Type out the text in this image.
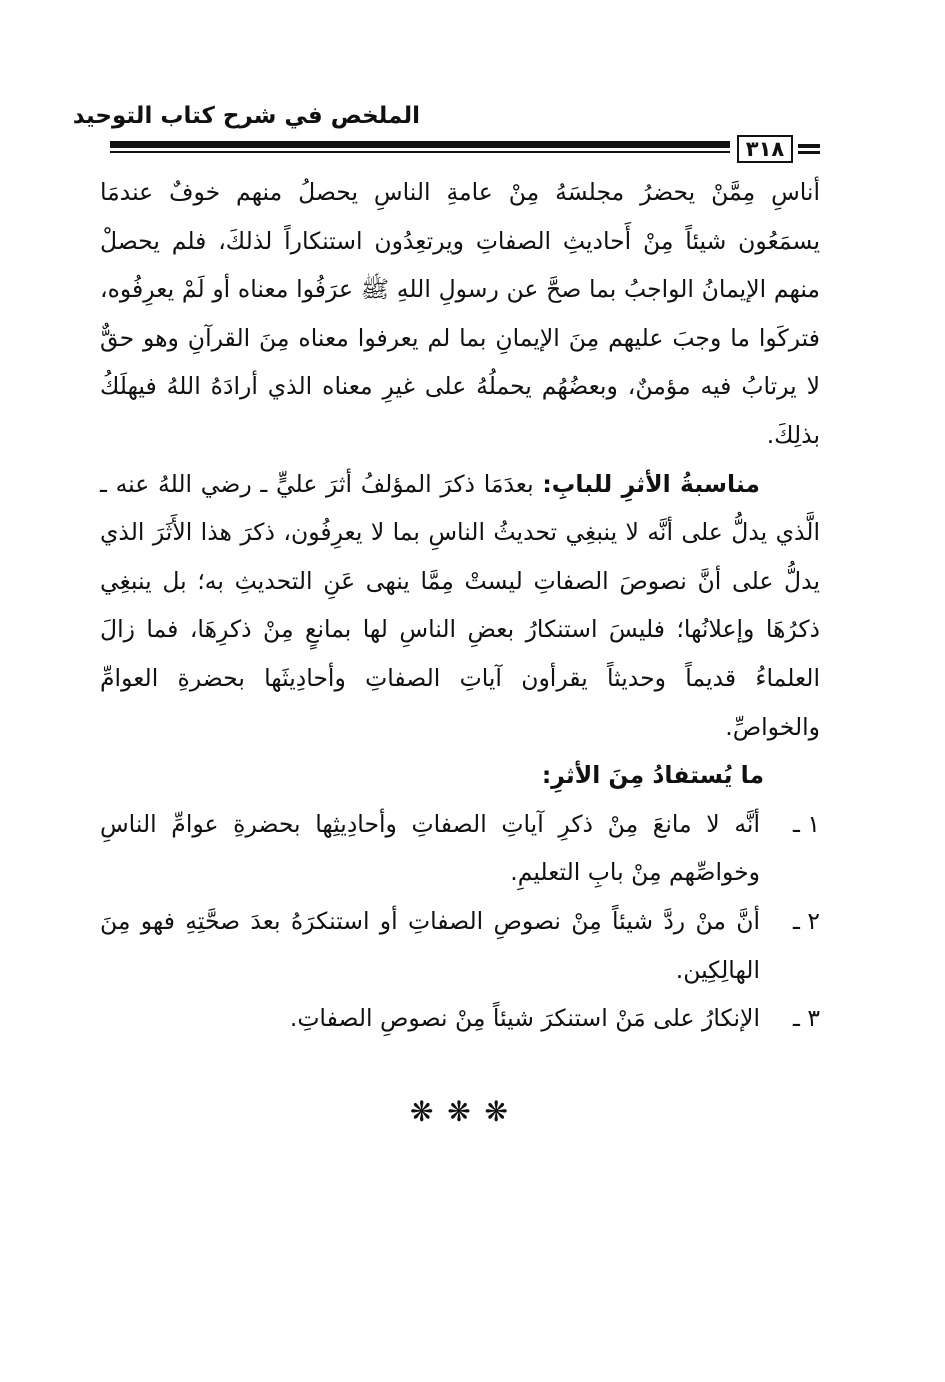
الملخص في شرح كتاب التوحيد
٣١٨

أناسِ مِمَّنْ يحضرُ مجلسَهُ مِنْ عامةِ الناسِ يحصلُ منهم خوفٌ عندمَا يسمَعُون شيئاً مِنْ أَحاديثِ الصفاتِ ويرتعِدُون استنكاراً لذلكَ، فلم يحصلْ منهم الإيمانُ الواجبُ بما صحَّ عن رسولِ اللهِ ﷺ عرَفُوا معناه أو لَمْ يعرِفُوه، فتركَوا ما وجبَ عليهم مِنَ الإيمانِ بما لم يعرفوا معناه مِنَ القرآنِ وهو حقٌّ لا يرتابُ فيه مؤمنٌ، وبعضُهُم يحملُهُ على غيرِ معناه الذي أرادَهُ اللهُ فيهلَكُ بذلِكَ.

مناسبةُ الأثرِ للبابِ: بعدَمَا ذكرَ المؤلفُ أثرَ عليٍّ ـ رضي اللهُ عنه ـ الَّذي يدلُّ على أنَّه لا ينبغِي تحديثُ الناسِ بما لا يعرِفُون، ذكرَ هذا الأَثَرَ الذي يدلُّ على أنَّ نصوصَ الصفاتِ ليستْ مِمَّا ينهى عَنِ التحديثِ به؛ بل ينبغِي ذكرُهَا وإعلانُها؛ فليسَ استنكارُ بعضِ الناسِ لها بمانعٍ مِنْ ذكرِهَا، فما زالَ العلماءُ قديماً وحديثاً يقرأون آياتِ الصفاتِ وأحادِيثَها بحضرةِ العوامِّ والخواصِّ.

ما يُستفادُ مِنَ الأثرِ:

١ ـ
أنَّه لا مانعَ مِنْ ذكرِ آياتِ الصفاتِ وأحادِيثِها بحضرةِ عوامِّ الناسِ وخواصِّهم مِنْ بابِ التعليمِ.
٢ ـ
أنَّ منْ ردَّ شيئاً مِنْ نصوصِ الصفاتِ أو استنكرَهُ بعدَ صحَّتِهِ فهو مِنَ الهالِكِين.
٣ ـ
الإنكارُ على مَنْ استنكرَ شيئاً مِنْ نصوصِ الصفاتِ.
❋ ❋ ❋
